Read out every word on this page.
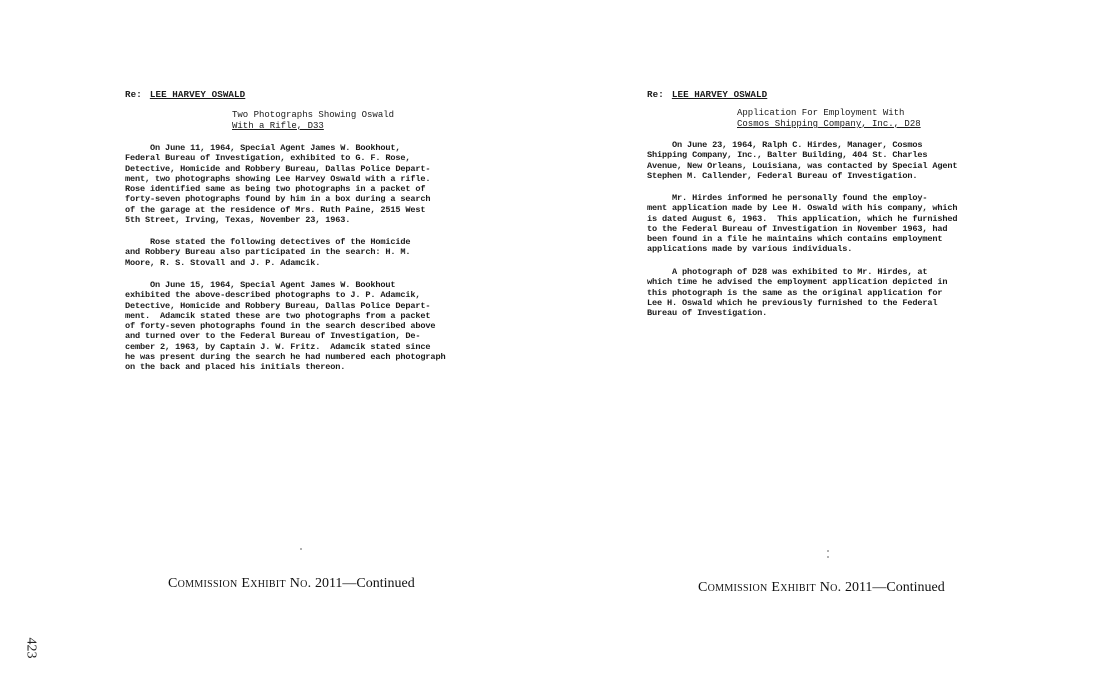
Re: LEE HARVEY OSWALD
Two Photographs Showing Oswald
With a Rifle, D33
On June 11, 1964, Special Agent James W. Bookhout,
Federal Bureau of Investigation, exhibited to G. F. Rose,
Detective, Homicide and Robbery Bureau, Dallas Police Depart-
ment, two photographs showing Lee Harvey Oswald with a rifle.
Rose identified same as being two photographs in a packet of
forty-seven photographs found by him in a box during a search
of the garage at the residence of Mrs. Ruth Paine, 2515 West
5th Street, Irving, Texas, November 23, 1963.
Rose stated the following detectives of the Homicide
and Robbery Bureau also participated in the search: H. M.
Moore, R. S. Stovall and J. P. Adamcik.
On June 15, 1964, Special Agent James W. Bookhout
exhibited the above-described photographs to J. P. Adamcik,
Detective, Homicide and Robbery Bureau, Dallas Police Depart-
ment.  Adamcik stated these are two photographs from a packet
of forty-seven photographs found in the search described above
and turned over to the Federal Bureau of Investigation, De-
cember 2, 1963, by Captain J. W. Fritz.  Adamcik stated since
he was present during the search he had numbered each photograph
on the back and placed his initials thereon.
Commission Exhibit No. 2011—Continued
Re: LEE HARVEY OSWALD
Application For Employment With
Cosmos Shipping Company, Inc., D28
On June 23, 1964, Ralph C. Hirdes, Manager, Cosmos
Shipping Company, Inc., Balter Building, 404 St. Charles
Avenue, New Orleans, Louisiana, was contacted by Special Agent
Stephen M. Callender, Federal Bureau of Investigation.
Mr. Hirdes informed he personally found the employ-
ment application made by Lee H. Oswald with his company, which
is dated August 6, 1963.  This application, which he furnished
to the Federal Bureau of Investigation in November 1963, had
been found in a file he maintains which contains employment
applications made by various individuals.
A photograph of D28 was exhibited to Mr. Hirdes, at
which time he advised the employment application depicted in
this photograph is the same as the original application for
Lee H. Oswald which he previously furnished to the Federal
Bureau of Investigation.
Commission Exhibit No. 2011—Continued
423
